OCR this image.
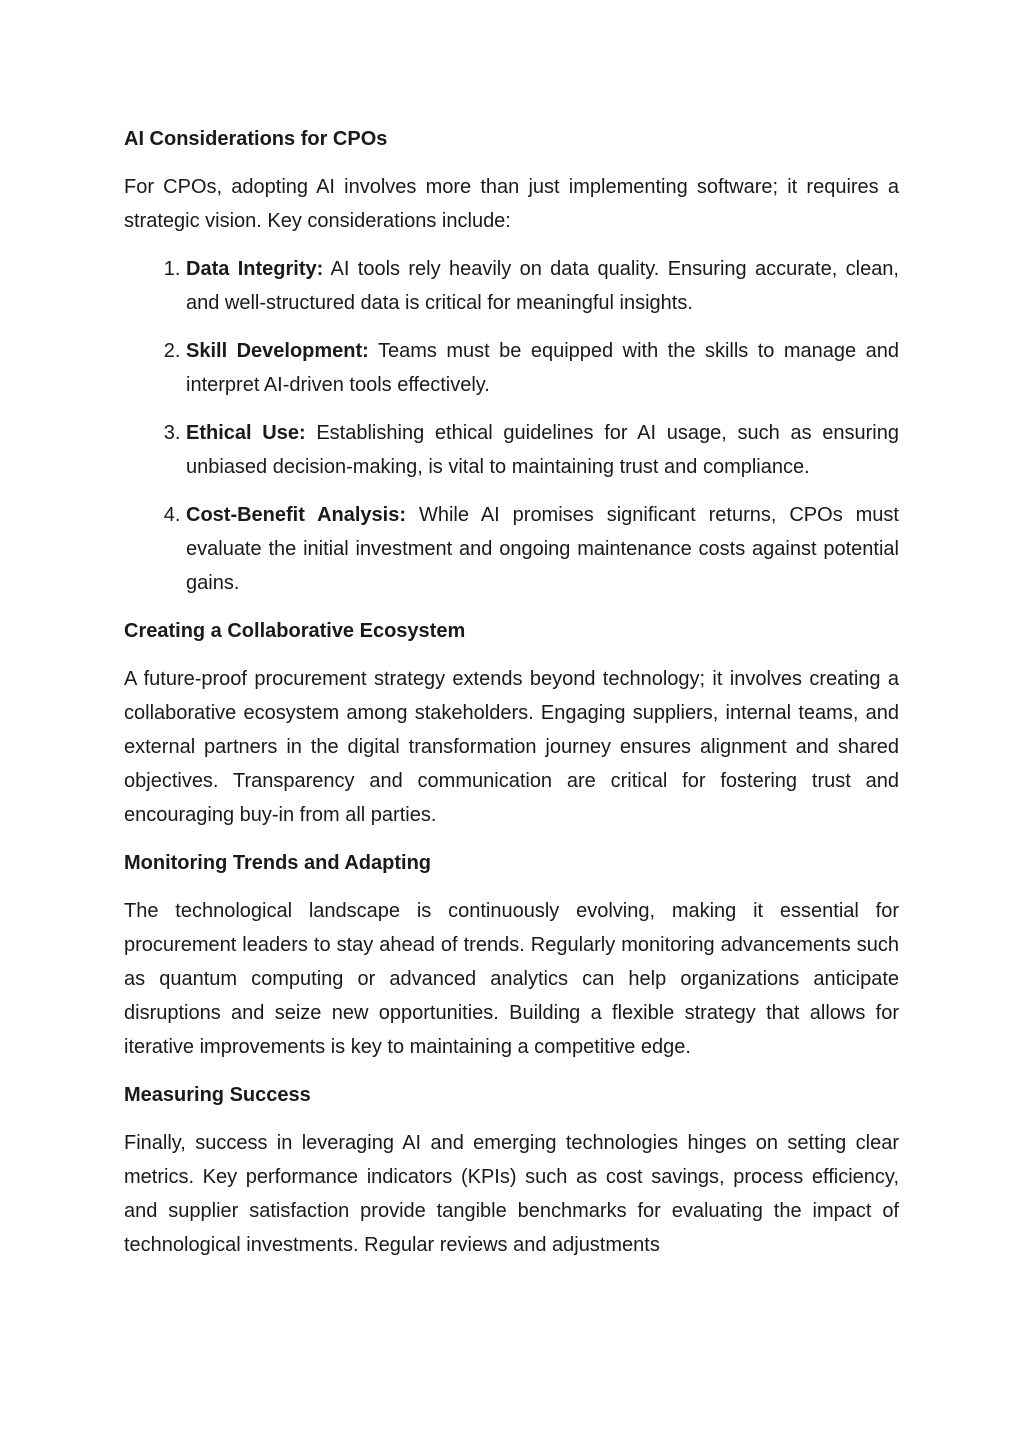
AI Considerations for CPOs

For CPOs, adopting AI involves more than just implementing software; it requires a strategic vision. Key considerations include:

1. Data Integrity: AI tools rely heavily on data quality. Ensuring accurate, clean, and well-structured data is critical for meaningful insights.
2. Skill Development: Teams must be equipped with the skills to manage and interpret AI-driven tools effectively.
3. Ethical Use: Establishing ethical guidelines for AI usage, such as ensuring unbiased decision-making, is vital to maintaining trust and compliance.
4. Cost-Benefit Analysis: While AI promises significant returns, CPOs must evaluate the initial investment and ongoing maintenance costs against potential gains.
Creating a Collaborative Ecosystem

A future-proof procurement strategy extends beyond technology; it involves creating a collaborative ecosystem among stakeholders. Engaging suppliers, internal teams, and external partners in the digital transformation journey ensures alignment and shared objectives. Transparency and communication are critical for fostering trust and encouraging buy-in from all parties.

Monitoring Trends and Adapting

The technological landscape is continuously evolving, making it essential for procurement leaders to stay ahead of trends. Regularly monitoring advancements such as quantum computing or advanced analytics can help organizations anticipate disruptions and seize new opportunities. Building a flexible strategy that allows for iterative improvements is key to maintaining a competitive edge.

Measuring Success

Finally, success in leveraging AI and emerging technologies hinges on setting clear metrics. Key performance indicators (KPIs) such as cost savings, process efficiency, and supplier satisfaction provide tangible benchmarks for evaluating the impact of technological investments. Regular reviews and adjustments
